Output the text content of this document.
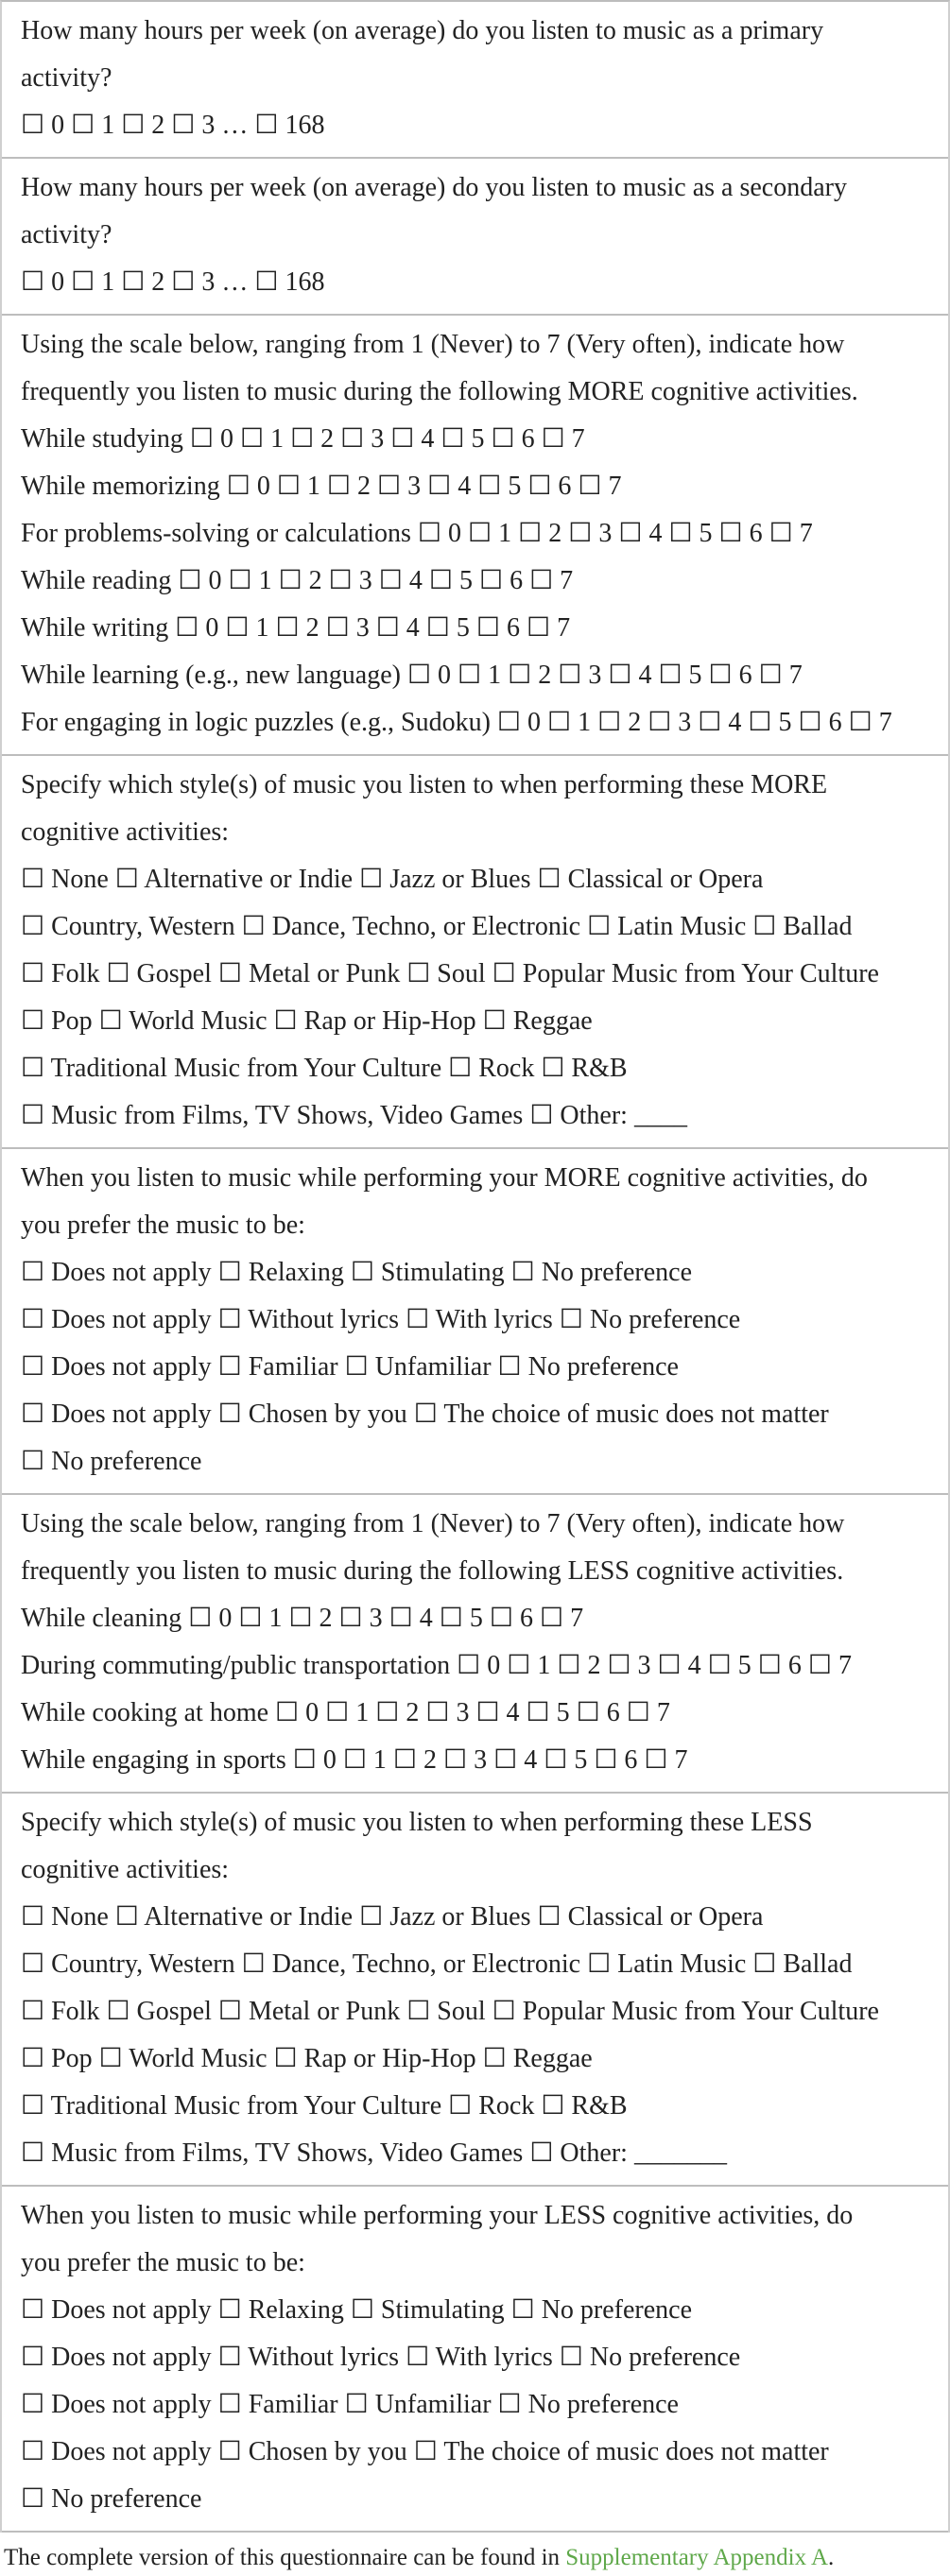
How many hours per week (on average) do you listen to music as a primary
activity?
☐ 0 ☐ 1 ☐ 2 ☐ 3 … ☐ 168
How many hours per week (on average) do you listen to music as a secondary
activity?
☐ 0 ☐ 1 ☐ 2 ☐ 3 … ☐ 168
Using the scale below, ranging from 1 (Never) to 7 (Very often), indicate how
frequently you listen to music during the following MORE cognitive activities.
While studying ☐ 0 ☐ 1 ☐ 2 ☐ 3 ☐ 4 ☐ 5 ☐ 6 ☐ 7
While memorizing ☐ 0 ☐ 1 ☐ 2 ☐ 3 ☐ 4 ☐ 5 ☐ 6 ☐ 7
For problems-solving or calculations ☐ 0 ☐ 1 ☐ 2 ☐ 3 ☐ 4 ☐ 5 ☐ 6 ☐ 7
While reading ☐ 0 ☐ 1 ☐ 2 ☐ 3 ☐ 4 ☐ 5 ☐ 6 ☐ 7
While writing ☐ 0 ☐ 1 ☐ 2 ☐ 3 ☐ 4 ☐ 5 ☐ 6 ☐ 7
While learning (e.g., new language) ☐ 0 ☐ 1 ☐ 2 ☐ 3 ☐ 4 ☐ 5 ☐ 6 ☐ 7
For engaging in logic puzzles (e.g., Sudoku) ☐ 0 ☐ 1 ☐ 2 ☐ 3 ☐ 4 ☐ 5 ☐ 6 ☐ 7
Specify which style(s) of music you listen to when performing these MORE
cognitive activities:
☐ None ☐ Alternative or Indie ☐ Jazz or Blues ☐ Classical or Opera
☐ Country, Western ☐ Dance, Techno, or Electronic ☐ Latin Music ☐ Ballad
☐ Folk ☐ Gospel ☐ Metal or Punk ☐ Soul ☐ Popular Music from Your Culture
☐ Pop ☐ World Music ☐ Rap or Hip-Hop ☐ Reggae
☐ Traditional Music from Your Culture ☐ Rock ☐ R&B
☐ Music from Films, TV Shows, Video Games ☐ Other: ____
When you listen to music while performing your MORE cognitive activities, do
you prefer the music to be:
☐ Does not apply ☐ Relaxing ☐ Stimulating ☐ No preference
☐ Does not apply ☐ Without lyrics ☐ With lyrics ☐ No preference
☐ Does not apply ☐ Familiar ☐ Unfamiliar ☐ No preference
☐ Does not apply ☐ Chosen by you ☐ The choice of music does not matter
☐ No preference
Using the scale below, ranging from 1 (Never) to 7 (Very often), indicate how
frequently you listen to music during the following LESS cognitive activities.
While cleaning ☐ 0 ☐ 1 ☐ 2 ☐ 3 ☐ 4 ☐ 5 ☐ 6 ☐ 7
During commuting/public transportation ☐ 0 ☐ 1 ☐ 2 ☐ 3 ☐ 4 ☐ 5 ☐ 6 ☐ 7
While cooking at home ☐ 0 ☐ 1 ☐ 2 ☐ 3 ☐ 4 ☐ 5 ☐ 6 ☐ 7
While engaging in sports ☐ 0 ☐ 1 ☐ 2 ☐ 3 ☐ 4 ☐ 5 ☐ 6 ☐ 7
Specify which style(s) of music you listen to when performing these LESS
cognitive activities:
☐ None ☐ Alternative or Indie ☐ Jazz or Blues ☐ Classical or Opera
☐ Country, Western ☐ Dance, Techno, or Electronic ☐ Latin Music ☐ Ballad
☐ Folk ☐ Gospel ☐ Metal or Punk ☐ Soul ☐ Popular Music from Your Culture
☐ Pop ☐ World Music ☐ Rap or Hip-Hop ☐ Reggae
☐ Traditional Music from Your Culture ☐ Rock ☐ R&B
☐ Music from Films, TV Shows, Video Games ☐ Other: _______
When you listen to music while performing your LESS cognitive activities, do
you prefer the music to be:
☐ Does not apply ☐ Relaxing ☐ Stimulating ☐ No preference
☐ Does not apply ☐ Without lyrics ☐ With lyrics ☐ No preference
☐ Does not apply ☐ Familiar ☐ Unfamiliar ☐ No preference
☐ Does not apply ☐ Chosen by you ☐ The choice of music does not matter
☐ No preference
The complete version of this questionnaire can be found in Supplementary Appendix A.
